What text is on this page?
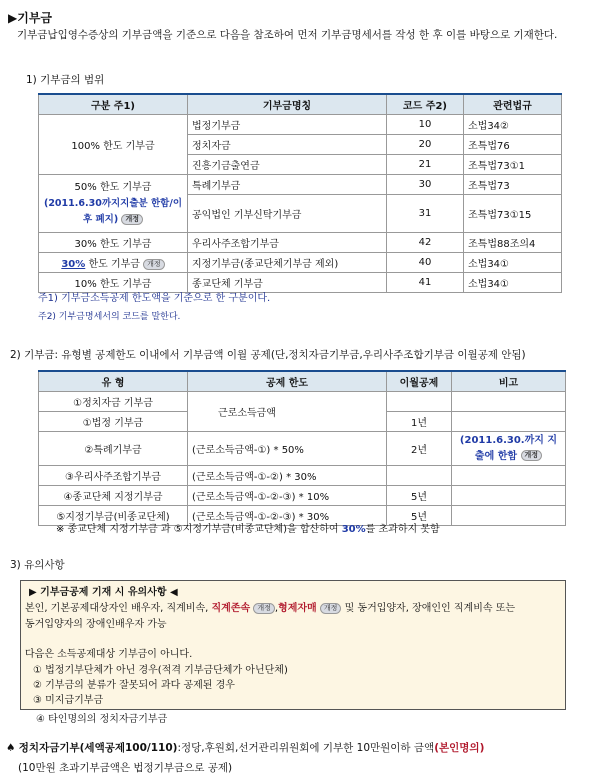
▶기부금
기부금납입영수증상의 기부금액을 기준으로 다음을 참조하여 먼저 기부금명세서를 작성 한 후 이를 바탕으로 기재한다.
1) 기부금의 범위
구분 주1)	기부금명칭	코드 주2)	관련법규
100% 한도 기부금	법정기부금	10	소법34②
	정치자금	20	조특법76
	진흥기금출연금	21	조특법73①1

50% 한도 기부금
(2011.6.30까지지출분 한함/이후 폐지) 개정	특례기부금	30	조특법73
	공익법인 기부신탁기부금	31	조특법73①15
30% 한도 기부금	우리사주조합기부금	42	조특법88조의4
30% 한도 기부금 개정	지정기부금(종교단체기부금 제외)	40	소법34①
10% 한도 기부금	종교단체 기부금	41	소법34①
주1) 기부금소득공제 한도액을 기준으로 한 구분이다.
주2) 기부금명세서의 코드를 말한다.
2) 기부금: 유형별 공제한도 이내에서 기부금액 이월 공제(단,정치자금기부금,우리사주조합기부금 이월공제 안됨)
유 형	공제 한도	이월공제	비고
①정치자금 기부금	근로소득금액		
①법정 기부금		1년	
②특례기부금	(근로소득금액-①) * 50%	2년	(2011.6.30.까지 지출에 한함 개정
③우리사주조합기부금	(근로소득금액-①-②) * 30%		
④종교단체 지정기부금	(근로소득금액-①-②-③) * 10%	5년	
⑤지정기부금(비종교단체)	(근로소득금액-①-②-③) * 30%	5년	
※ 종교단체 지정기부금 과 ⑤지정기부금(비종교단체)을 합산하여 30%를 초과하지 못함
3) 유의사항
▶ 기부금공제 기재 시 유의사항 ◀
본인, 기본공제대상자인 배우자, 직계비속, 직계존속 개정 ,형제자매 개정 및 동거입양자, 장애인인 직계비속 또는
동거입양자의 장애인배우자 가능
다음은 소득공제대상 기부금이 아니다.
① 법정기부단체가 아닌 경우(적격 기부금단체가 아닌단체)
② 기부금의 분류가 잘못되어 과다 공제된 경우
③ 미지급기부금
④ 타인명의의 정치자금기부금
♠ 정치자금기부(세액공제100/110):정당,후원회,선거관리위원회에 기부한 10만원이하 금액(본인명의)
(10만원 초과기부금액은 법정기부금으로 공제)
